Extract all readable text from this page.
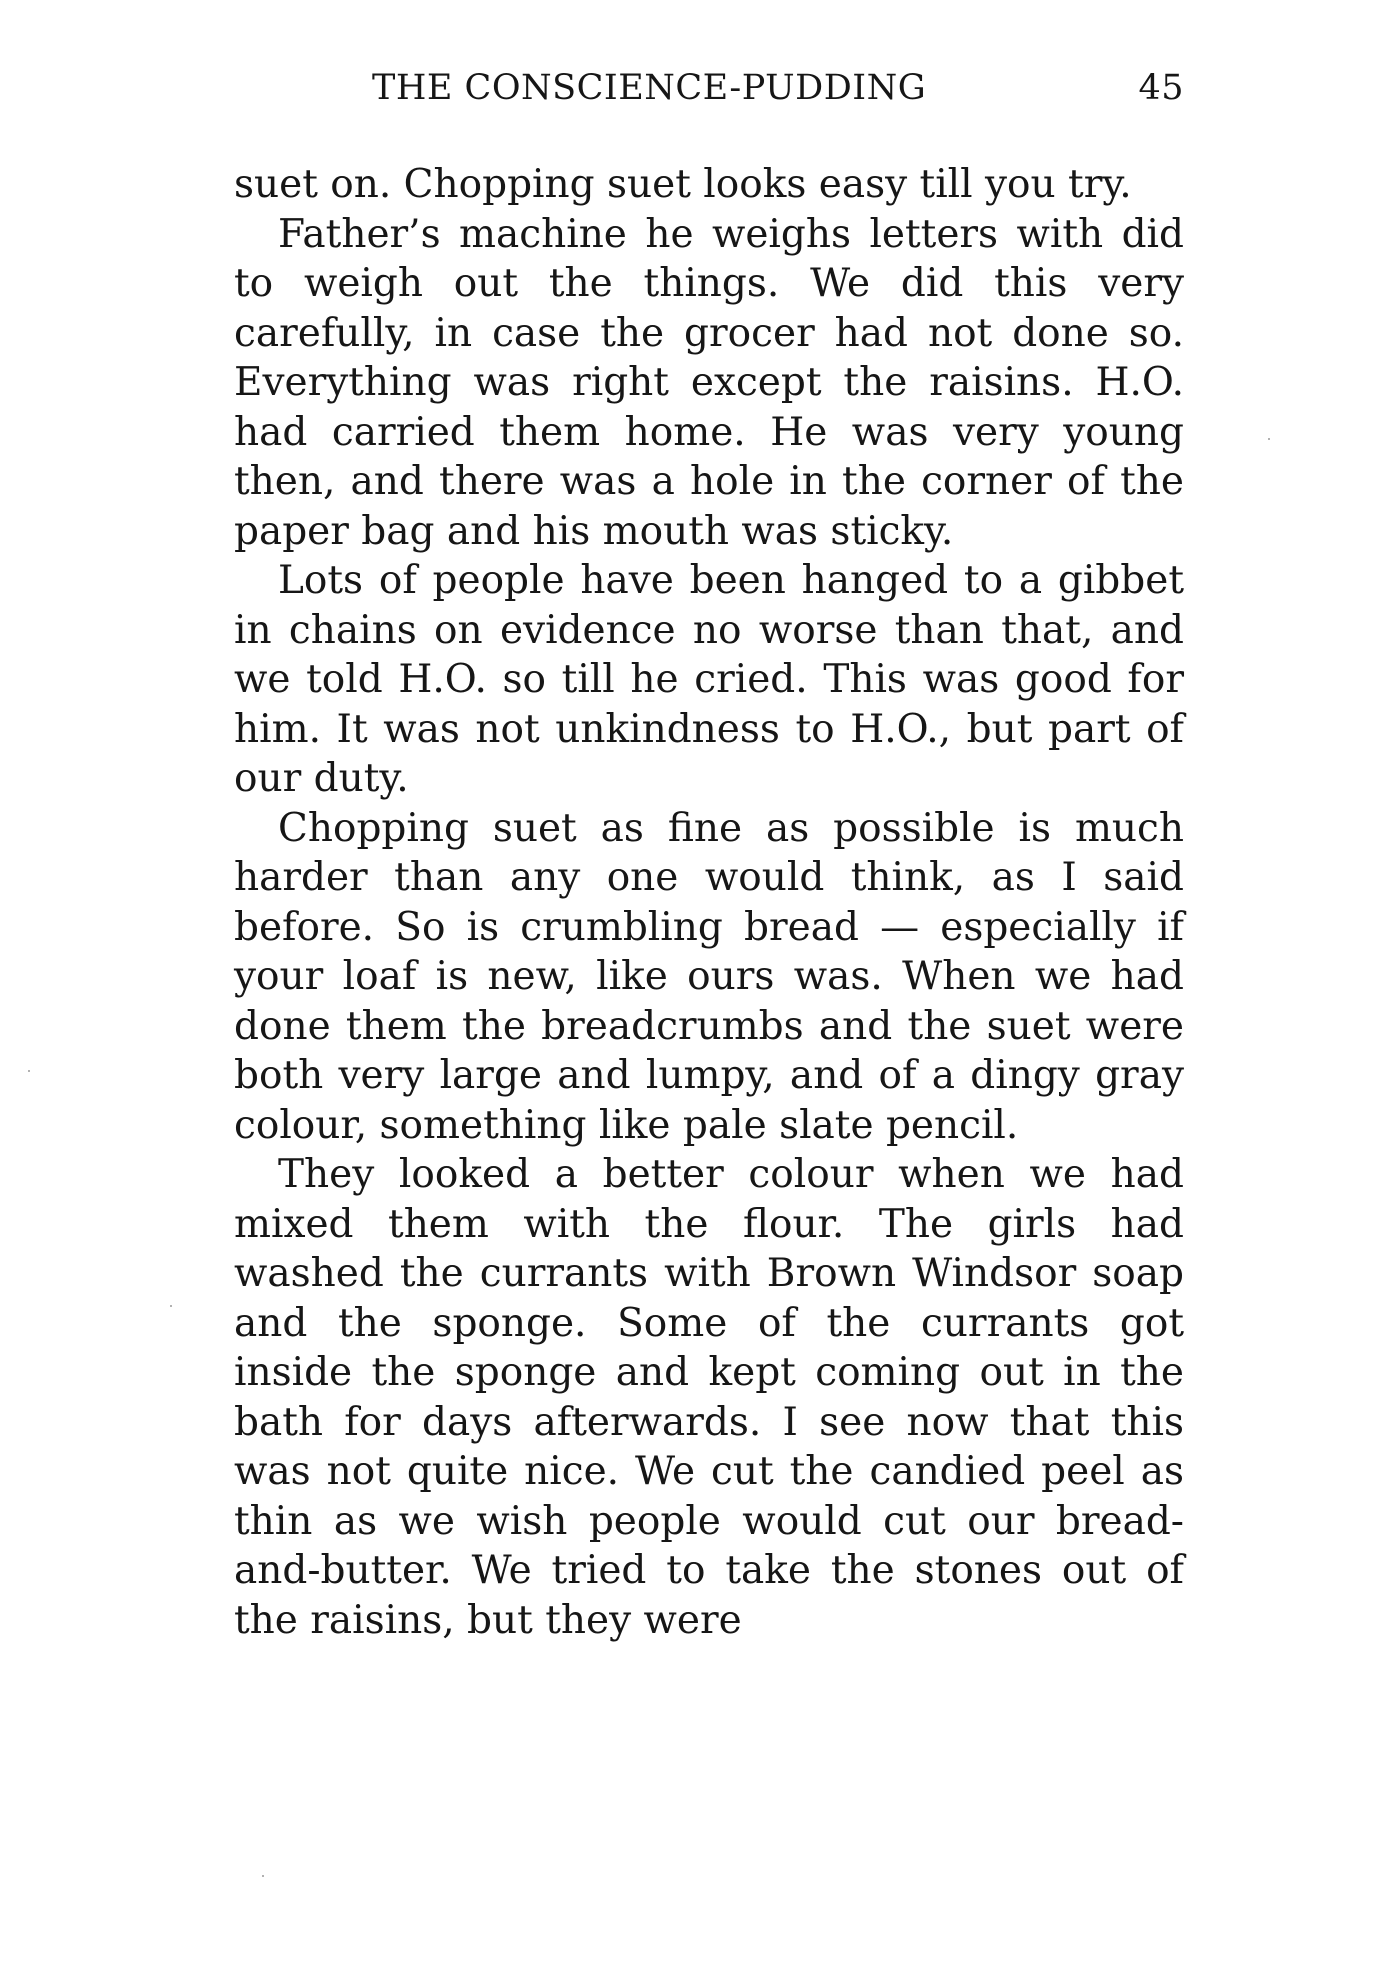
THE CONSCIENCE-PUDDING	45

suet on. Chopping suet looks easy till you try.

Father’s machine he weighs letters with did to weigh out the things. We did this very carefully, in case the grocer had not done so. Everything was right except the raisins. H.O. had carried them home. He was very young then, and there was a hole in the corner of the paper bag and his mouth was sticky.

Lots of people have been hanged to a gibbet in chains on evidence no worse than that, and we told H.O. so till he cried. This was good for him. It was not unkindness to H.O., but part of our duty.

Chopping suet as fine as possible is much harder than any one would think, as I said before. So is crumbling bread — especially if your loaf is new, like ours was. When we had done them the breadcrumbs and the suet were both very large and lumpy, and of a dingy gray colour, something like pale slate pencil.

They looked a better colour when we had mixed them with the flour. The girls had washed the currants with Brown Windsor soap and the sponge. Some of the currants got inside the sponge and kept coming out in the bath for days afterwards. I see now that this was not quite nice. We cut the candied peel as thin as we wish people would cut our bread-and-butter. We tried to take the stones out of the raisins, but they were
